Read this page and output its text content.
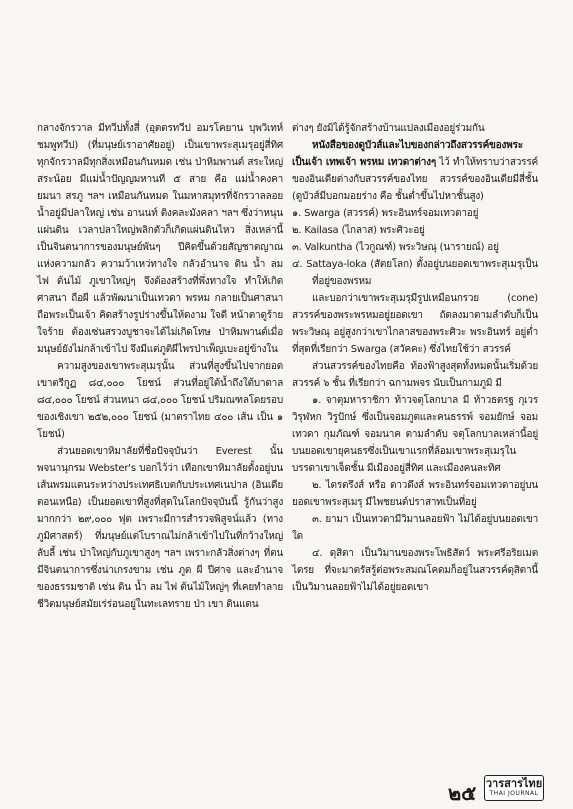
กลางจักรวาล มีทวีปทั้งสี่ (อุตตรทวีป อมรโคยาน บุพวิเทห์ ชมพูทวีป) (ที่มนุษย์เราอาศัยอยู่) เป็นเขาพระสุเมรุอยู่สี่ทิศ ทุกจักรวาลมีทุกสิ่งเหมือนกันหมด เช่น ป่าหิมพานต์ สระใหญ่ สระน้อย มีแม่น้ำปัญญมหานที ๕ สาย คือ แม่น้ำคงคา ยมนา สรภู ฯลฯ เหมือนกันหมด ในมหาสมุทรที่จักรวาลลอยน้ำอยู่มีปลาใหญ่ เช่น อานนท์ ติงคละมังคลา ฯลฯ ซึ่งว่าหนุนแผ่นดิน เวลาปลาใหญ่พลิกตัวก็เกิดแผ่นดินไหว สิ่งเหล่านี้เป็นจินตนาการของมนุษย์พันๆ ปีคิดขึ้นด้วยสัญชาตญาณแห่งความกลัว ความว้าเหว่ทางใจ กลัวอำนาจ ดิน น้ำ ลม ไฟ ต้นไม้ ภูเขาใหญ่ๆ จึงต้องสร้างที่พึ่งทางใจ ทำให้เกิดศาสนา ถือผี แล้วพัฒนาเป็นเทวดา พรหม กลายเป็นศาสนา ถือพระเป็นเจ้า คิดสร้างรูปร่างขึ้นให้ดงาม ใจดี หน้าตาดูร้าย ใจร้าย ต้องเซ่นสรวงบูชาจะได้ไม่เกิดโทษ ป่าหิมพานต์เมื่อมนุษย์ยังไม่กล้าเข้าไป จึงมีแต่ภูติผีไพรป่าเพ็ญเบะอยู่ข้างใน

ความสูงของเขาพระสุเมรุนั้น ส่วนที่สูงขึ้นไปจากยอดเขาตรีกูฏ ๘๔,๐๐๐ โยชน์ ส่วนที่อยู่ใต้น้ำถึงใต้บาดาล ๘๔,๐๐๐ โยชน์ ส่วนหนา ๘๔,๐๐๐ โยชน์ ปริมณฑลโดยรอบของเชิงเขา ๒๕๒,๐๐๐ โยชน์ (มาตราไทย ๔๐๐ เส้น เป็น ๑ โยชน์)

ส่วนยอดเขาหิมาลัยที่ชื่อปัจจุบันว่า Everest นั้น พจนานุกรม Webster's บอกไว้ว่า เทือกเขาหิมาลัยตั้งอยู่บนเส้นพรมแดนระหว่างประเทศธิเบตกับประเทศเนปาล (อินเดียตอนเหนือ) เป็นยอดเขาที่สูงที่สุดในโลกปัจจุบันนี้ รู้กันว่าสูงมากกว่า ๒๙,๐๐๐ ฟุต เพราะมีการสำรวจพิสูจน์แล้ว (ทางภูมิศาสตร์) ที่มนุษย์แต่โบราณไม่กล้าเข้าไปในที่กว้างใหญ่ ลับลี้ เช่น ป่าใหญ่กับภูเขาสูงๆ ฯลฯ เพราะกลัวสิ่งต่างๆ ที่ตนมีจินตนาการซึ่งน่าเกรงขาม เช่น ภูต ผี ปีศาจ และอำนาจของธรรมชาติ เช่น ดิน น้ำ ลม ไฟ ต้นไม้ใหญ่ๆ ที่เคยทำลายชีวิตมนุษย์สมัยเร่ร่อนอยู่ในทะเลทราย ป่า เขา ดินแดน

ต่างๆ ยังมิได้รู้จักสร้างบ้านแปลงเมืองอยู่ร่วมกัน

หนังสือของดูบัวส์และไบของกล่าวถึงสวรรค์ของพระเป็นเจ้า เทพเจ้า พรหม เทวดาต่างๆ ไว้ ทำให้ทราบว่าสวรรค์ของอินเดียต่างกับสวรรค์ของไทย สวรรค์ของอินเดียมีสี่ชั้น (ดูบัวส์มีบอกมอยร่าง คือ ชั้นต่ำขึ้นไปหาชั้นสูง)

๑. Swarga (สวรรค์) พระอินทร์จอมเทวดาอยู่

๒. Kailasa (ไกลาส) พระศิวะอยู่

๓. Valkuntha (ไวกูณฑ์) พระวิษณุ (นารายณ์) อยู่

๔. Sattaya-loka (สัตยโลก) ตั้งอยู่บนยอดเขาพระสุเมรุเป็นที่อยู่ของพรหม

และบอกว่าเขาพระสุเมรุมีรูปเหมือนกรวย (cone) สวรรค์ของพระพรหมอยู่ยอดเขา ถัดลงมาตามลำดับก็เป็นพระวิษณุ อยู่สูงกว่าเขาไกลาสของพระศิวะ พระอินทร์ อยู่ต่ำที่สุดที่เรียกว่า Swarga (สวัคคะ) ซึ่งไทยใช้ว่า สวรรค์

ส่วนสวรรค์ของไทยคือ ท้องฟ้าสูงสุดทั้งหมดนั้นเริ่มด้วยสวรรค์ ๖ ชั้น ที่เรียกว่า ฉกามพจร นับเป็นกามภูมิ มี

๑. จาตุมหาราชิกา ท้าวจตุโลกบาล มี ท้าวธตรฐ กุเวร วิรุฬหก วิรูปักษ์ ซึ่งเป็นจอมภูตและคนธรรพ์ จอมยักษ์ จอมเทวดา กุมภัณฑ์ จอมนาค ตามลำดับ จตุโลกบาลเหล่านี้อยู่บนยอดเขายุคนธรซึ่งเป็นเขาแรกที่ล้อมเขาพระสุเมรุในบรรดาเขาเจ็ดชั้น มีเมืองอยู่สี่ทิศ และเมืองคนละทิศ

๒. ไตรตรึงส์ หรือ ดาวดึงส์ พระอินทร์จอมเทวดาอยู่บนยอดเขาพระสุเมรุ มีไพชยนต์ปราสาทเป็นที่อยู่

๓. ยามา เป็นเทวดามีวิมานลอยฟ้า ไม่ได้อยู่บนยอดเขาใด

๔. ดุสิตา เป็นวิมานของพระโพธิสัตว์ พระศรีอริยเมตไตรย ที่จะมาตรัสรู้ต่อพระสมณโคดมก็อยู่ในสวรรค์ดุสิตานี้ เป็นวิมานลอยฟ้าไม่ได้อยู่ยอดเขา

๒๕ วารสารไทย
THAI JOURNAL
